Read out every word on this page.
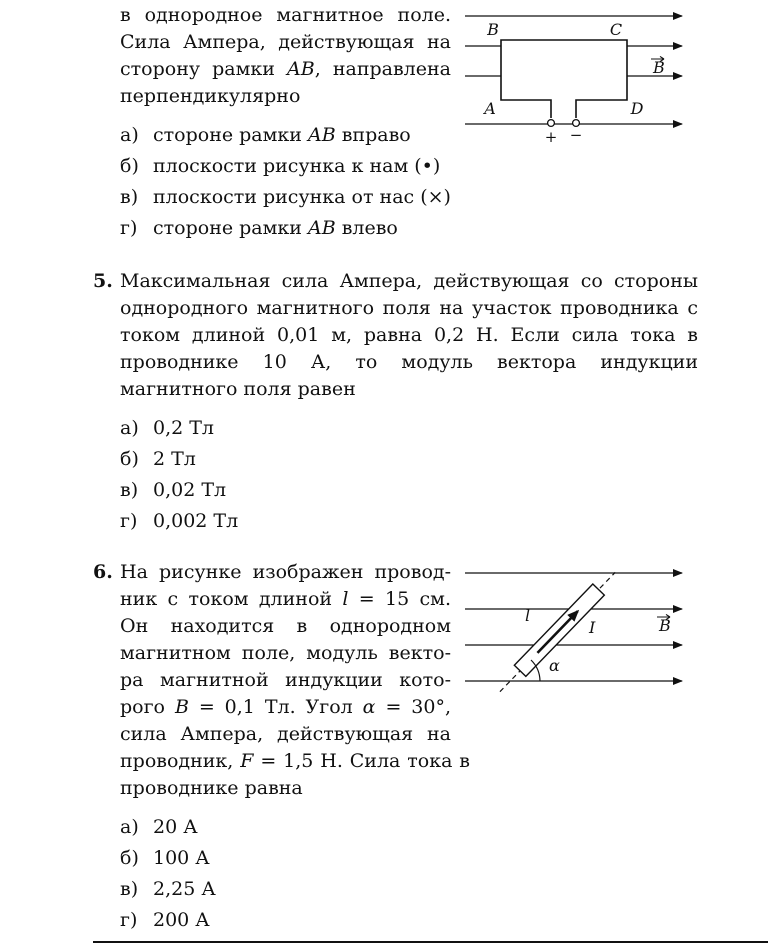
B	C
A	D
B
+ −

в однородное магнитное поле. Сила Ампера, действующая на сторону рамки AB, направлена перпендикулярно

а) стороне рамки AB вправо
б) плоскости рисунка к нам (•)
в) плоскости рисунка от нас (×)
г) стороне рамки AB влево

5. Максимальная сила Ампера, действующая со стороны однородного магнитного поля на участок проводника с током длиной 0,01 м, равна 0,2 Н. Если сила тока в проводнике 10 А, то модуль вектора индукции магнитного поля равен

а) 0,2 Тл
б) 2 Тл
в) 0,02 Тл
г) 0,002 Тл
B
l
I
α

6. На рисунке изображен проводник с током длиной l = 15 см. Он находится в однородном магнитном поле, модуль вектора магнитной индукции которого B = 0,1 Тл. Угол α = 30°, сила Ампера, действующая на проводник, F = 1,5 Н. Сила тока в проводнике равна

а) 20 А
б) 100 А
в) 2,25 А
г) 200 А
